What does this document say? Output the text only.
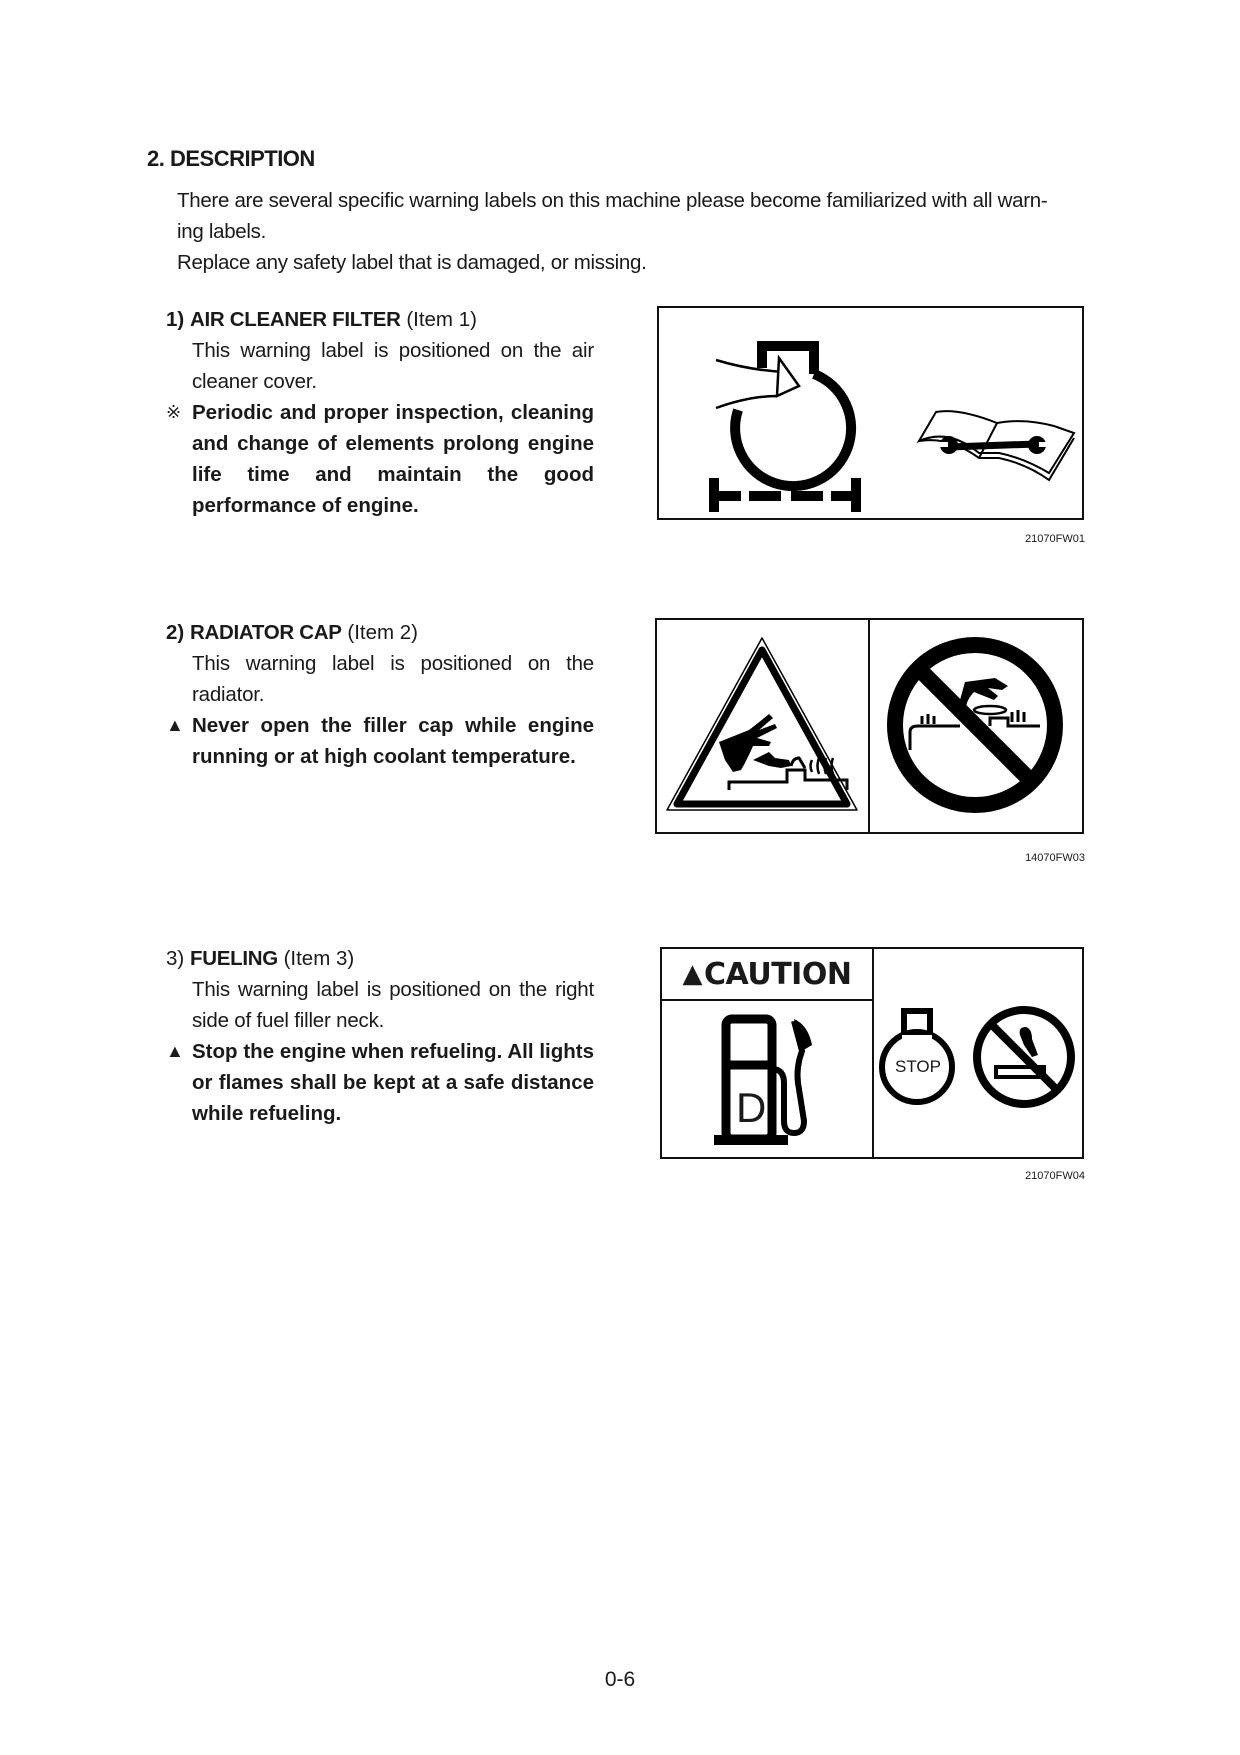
2. DESCRIPTION

There are several specific warning labels on this machine please become familiarized with all warn-

ing labels.

Replace any safety label that is damaged, or missing.

1) AIR CLEANER FILTER (Item 1)
This warning label is positioned on the air cleaner cover.
※ Periodic and proper inspection, cleaning and change of elements prolong engine life time and maintain the good performance of engine.
21070FW01
2) RADIATOR CAP (Item 2)
This warning label is positioned on the radiator.
▲ Never open the filler cap while engine running or at high coolant temperature.
14070FW03
3) FUELING (Item 3)
This warning label is positioned on the right side of fuel filler neck.
▲ Stop the engine when refueling. All lights or flames shall be kept at a safe distance while refueling.
▲ CAUTION
D
STOP
21070FW04
0-6
